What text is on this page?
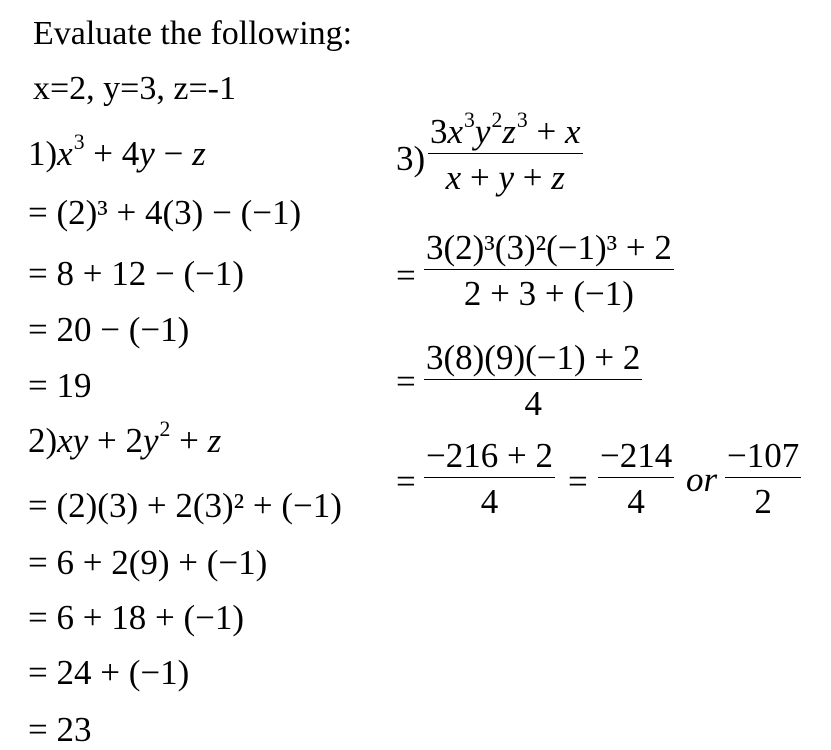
Evaluate the following:
x=2, y=3, z=-1
$1)x^3 + 4y - z$
= (2)³ + 4(3) − (−1)
= 8 + 12 − (−1)
= 20 − (−1)
= 19
$2)xy + 2y^2 + z$
= (2)(3) + 2(3)² + (−1)
= 6 + 2(9) + (−1)
= 6 + 18 + (−1)
= 24 + (−1)
= 23
3)
$3x^3y^2z^3 + x$
x + y + z
=
3(2)³(3)²(−1)³ + 2
2 + 3 + (−1)
=
3(8)(9)(−1) + 2
4
=
−216 + 2
4
=
−214
4
or
−107
2
